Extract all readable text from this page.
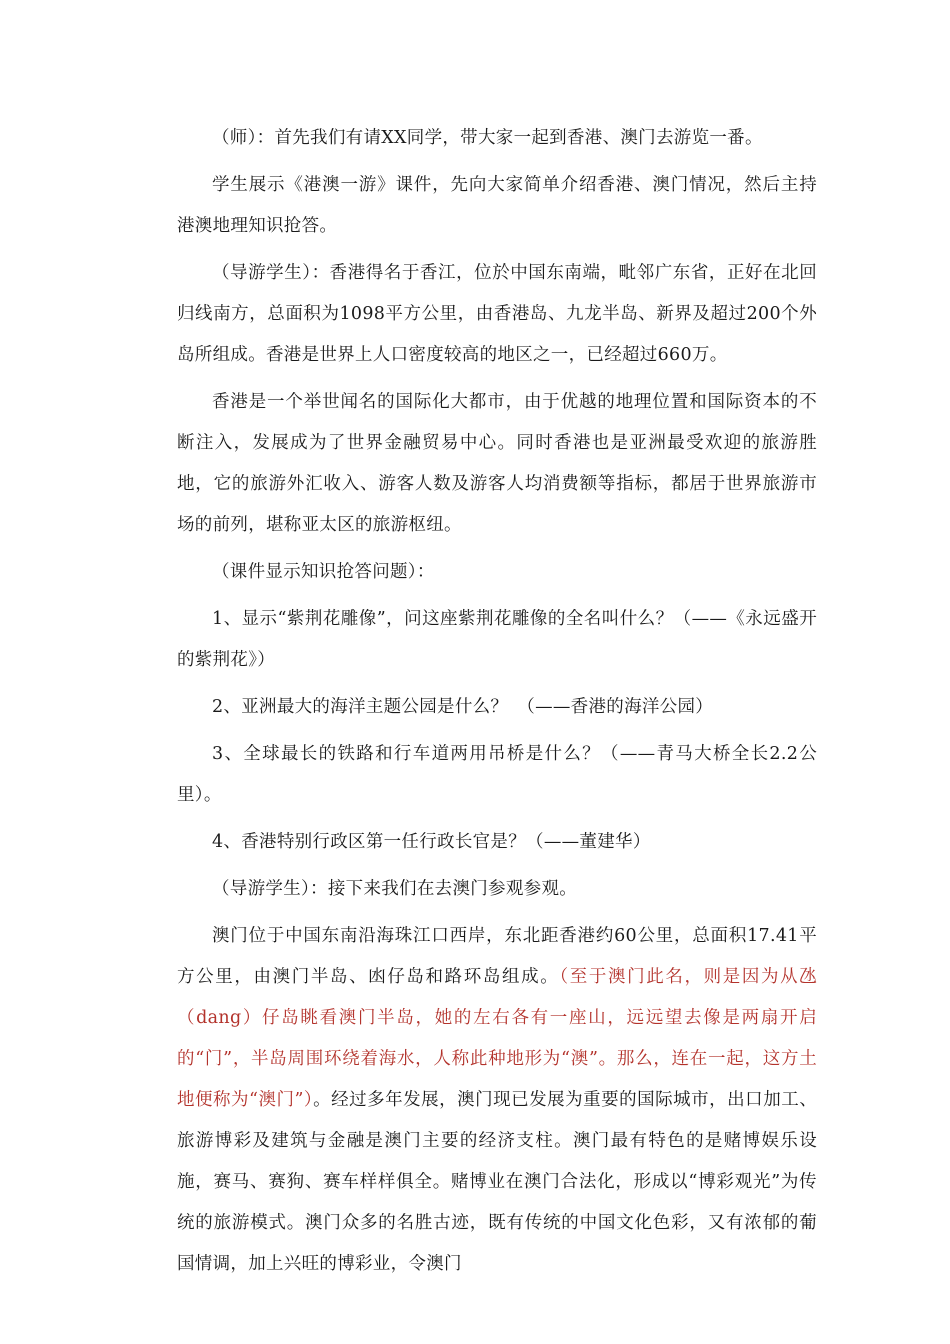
（师）：首先我们有请XX同学，带大家一起到香港、澳门去游览一番。

学生展示《港澳一游》课件，先向大家简单介绍香港、澳门情况，然后主持港澳地理知识抢答。

（导游学生）：香港得名于香江，位於中国东南端，毗邻广东省，正好在北回归线南方，总面积为1098平方公里，由香港岛、九龙半岛、新界及超过200个外岛所组成。香港是世界上人口密度较高的地区之一，已经超过660万。

香港是一个举世闻名的国际化大都市，由于优越的地理位置和国际资本的不断注入，发展成为了世界金融贸易中心。同时香港也是亚洲最受欢迎的旅游胜地，它的旅游外汇收入、游客人数及游客人均消费额等指标，都居于世界旅游市场的前列，堪称亚太区的旅游枢纽。

（课件显示知识抢答问题）：

1、显示“紫荆花雕像”，问这座紫荆花雕像的全名叫什么？（——《永远盛开的紫荆花》）

2、亚洲最大的海洋主题公园是什么？　（——香港的海洋公园）

3、全球最长的铁路和行车道两用吊桥是什么？（——青马大桥全长2.2公里）。

4、香港特别行政区第一任行政长官是？（——董建华）

（导游学生）：接下来我们在去澳门参观参观。

澳门位于中国东南沿海珠江口西岸，东北距香港约60公里，总面积17.41平方公里，由澳门半岛、凼仔岛和路环岛组成。（至于澳门此名，则是因为从氹（dang）仔岛眺看澳门半岛，她的左右各有一座山，远远望去像是两扇开启的“门”，半岛周围环绕着海水，人称此种地形为“澳”。那么，连在一起，这方土地便称为“澳门”）。经过多年发展，澳门现已发展为重要的国际城市，出口加工、旅游博彩及建筑与金融是澳门主要的经济支柱。澳门最有特色的是赌博娱乐设施，赛马、赛狗、赛车样样俱全。赌博业在澳门合法化，形成以“博彩观光”为传统的旅游模式。澳门众多的名胜古迹，既有传统的中国文化色彩，又有浓郁的葡国情调，加上兴旺的博彩业，令澳门
